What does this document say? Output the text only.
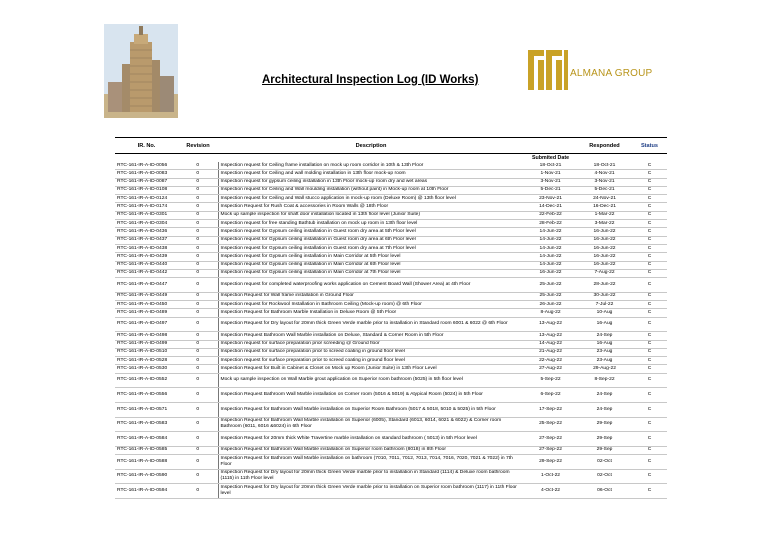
Architectural Inspection Log (ID Works)
ALMANA GROUP
IR. No.	Revision	Description		Responded	Status
			Submited Date		
RTC-161-IR-A-ID-0056	0	Inspection request for Ceiling frame installation on mock up room corridor in 10th & 13th Floor	18-Oct-21	18-Oct-21	C
RTC-161-IR-A-ID-0083	0	Inspection request for Ceiling and wall molding installation in 13th floor mock-up room	1-Nov-21	4-Nov-21	C
RTC-161-IR-A-ID-0087	0	Inspection request for gypsum ceiling installation in 13th Floor mock-up room dry and wet areas	3-Nov-21	3-Nov-21	C
RTC-161-IR-A-ID-0108	0	Inspection request for Ceiling and Wall moulding installation (without paint) in Mock-up room at 10th Floor	5-Dec-21	5-Dec-21	C
RTC-161-IR-A-ID-0124	0	Inspection request for Ceiling and Wall stucco application in mock-up room (Deluxe Room) @ 13th floor level	23-Nov-21	24-Nov-21	C
RTC-161-IR-A-ID-0174	0	Inspection Request for Rush Coat & accessories in Room Walls @ 18th Floor	14-Dec-21	16-Dec-21	C
RTC-161-IR-A-ID-0301	0	Mock up sample inspection for shaft door installation located in 13th floor level (Junior Suite)	22-Feb-22	1-Mar-22	C
RTC-161-IR-A-ID-0304	0	Inspection request for free standing Bathtub installation on mock up room in 13th floor level	28-Feb-22	3-Mar-22	C
RTC-161-IR-A-ID-0436	0	Inspection request for Gypsum ceiling installation in Guest room dry area at 5th Floor level	14-Jun-22	16-Jun-22	C
RTC-161-IR-A-ID-0437	0	Inspection request for Gypsum ceiling installation in Guest room dry area at 6th Floor level	14-Jun-22	16-Jun-22	C
RTC-161-IR-A-ID-0438	0	Inspection request for Gypsum ceiling installation in Guest room dry area at 7th Floor level	14-Jun-22	16-Jun-22	C
RTC-161-IR-A-ID-0439	0	Inspection request for Gypsum ceiling installation in Main Corridor at 5th Floor level	14-Jun-22	16-Jun-22	C
RTC-161-IR-A-ID-0440	0	Inspection request for Gypsum ceiling installation in Main Corridor at 6th Floor level	14-Jun-22	16-Jun-22	C
RTC-161-IR-A-ID-0442	0	Inspection request for Gypsum ceiling installation in Main Corridor at 7th Floor level	16-Jun-22	7-Aug-22	C
RTC-161-IR-A-ID-0447	0	Inspection request for completed waterproofing works application on Cement Board Wall (Shower Area) at 4th Floor	25-Jun-22	28-Jun-22	C
RTC-161-IR-A-ID-0449	0	Inspection Request for Wall frame installation in Ground Floor	25-Jun-22	30-Jun-22	C
RTC-161-IR-A-ID-0450	0	Inspection request for Rockwool Installation in Bathroom Ceiling (Mock-up room) @ 6th Floor	26-Jun-22	7-Jul-22	C
RTC-161-IR-A-ID-0489	0	Inspection Request for Bathroom Marble Installation in Deluxe Room @ 5th Floor	8-Aug-22	10-Aug	C
RTC-161-IR-A-ID-0497	0	Inspection Request for Dry layout for 20mm thick Green Verde marble prior to installation in Standard room 6001 & 6022 @ 6th Floor	13-Aug-22	16-Aug	C
RTC-161-IR-A-ID-0498	0	Inspection Request Bathroom Wall Marble installation on Deluxe, Standard & Corner Room in 5th Floor	13-Aug-22	24-Sep	C
RTC-161-IR-A-ID-0499	0	Inspection request for surface preparation prior screeding @ Ground floor	14-Aug-22	16-Aug	C
RTC-161-IR-A-ID-0510	0	Inspection request for surface preparation prior to screed coating in ground floor level	21-Aug-22	23-Aug	C
RTC-161-IR-A-ID-0528	0	Inspection request for surface preparation prior to screed coating in ground floor level	22-Aug-22	23-Aug	C
RTC-161-IR-A-ID-0530	0	Inspection Request for Built in Cabinet & Closet on Mock up Room (Junior Suite) in 13th Floor Level	27-Aug-22	29-Aug-22	C
RTC-161-IR-A-ID-0552	0	Mock up sample inspection on Wall Marble grout application on Superior room bathroom (5025) in 5th floor level	5-Sep-22	8-Sep-22	C
RTC-161-IR-A-ID-0556	0	Inspection Request Bathroom Wall Marble installation on Corner room (5016 & 5019) & Atypical Room (5024) in 5th Floor	6-Sep-22	24-Sep	C
RTC-161-IR-A-ID-0571	0	Inspection Request for Bathroom Wall Marble installation on Superior Room Bathroom (5017 & 5018, 5010 & 5025) in 5th Floor	17-Sep-22	24-Sep	C
RTC-161-IR-A-ID-0583	0	Inspection Request for Bathroom Wall Marble installation on Superior (6005), Standard (6013, 6014, 6021 & 6022) & Corner room Bathroom (6011, 6016 &6024) in 6th Floor	25-Sep-22	29-Sep	C
RTC-161-IR-A-ID-0584	0	Inspection Request for 20mm thick White Travertine marble installation on standard bathroom ( 5013) in 5th Floor level	27-Sep-22	29-Sep	C
RTC-161-IR-A-ID-0585	0	Inspection Request for Bathroom Wall Marble installation on Superior room bathroom (8018) in 8th Floor	27-Sep-22	29-Sep	C
RTC-161-IR-A-ID-0588	0	Inspection Request for Bathroom Wall Marble installation on bathroom (7010, 7011, 7012, 7013, 7014, 7016, 7020, 7021 & 7022) in 7th Floor	29-Sep-22	02-Oct	C
RTC-161-IR-A-ID-0590	0	Inspection Request for Dry layout for 20mm thick Green Verde marble prior to installation in Standard (1114) & Deluxe room bathroom (1115) in 11th Floor level	1-Oct-22	02-Oct	C
RTC-161-IR-A-ID-0594	0	Inspection Request for Dry layout for 20mm thick Green Verde marble prior to installation on Superior room bathroom (1117) in 11th Floor level	4-Oct-22	06-Oct	C
